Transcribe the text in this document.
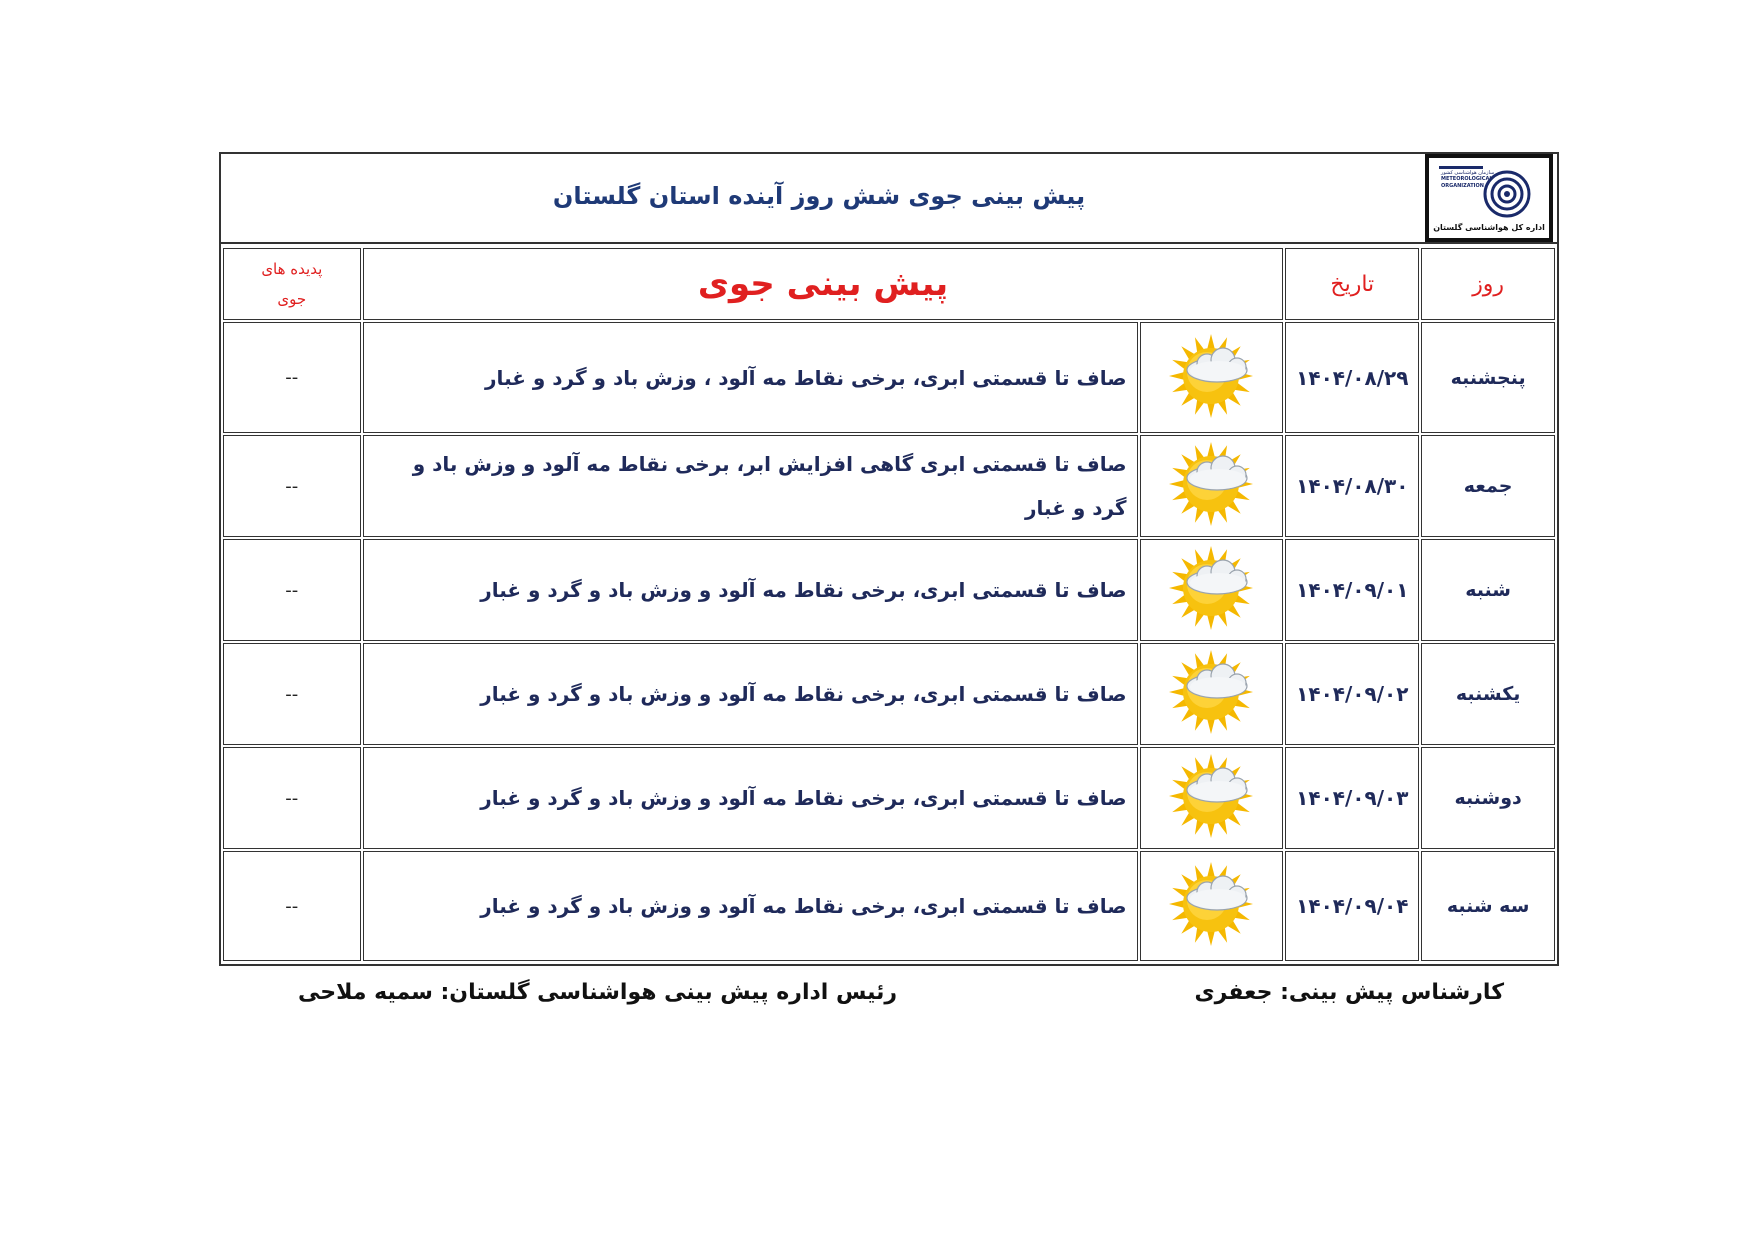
پیش بینی جوی شش روز آینده استان گلستان
METEOROLOGICAL
ORGANIZATION
سازمان هواشناسی کشور
اداره کل هواشناسی گلستان
روز	تاریخ	پیش بینی جوی		پدیده های
جوی

پنجشنبه	۱۴۰۴/۰۸/۲۹		صاف تا قسمتی ابری، برخی نقاط مه آلود ، وزش باد و گرد و غبار	--
جمعه	۱۴۰۴/۰۸/۳۰		صاف تا قسمتی ابری گاهی افزایش ابر، برخی نقاط مه آلود و وزش باد و گرد و غبار	--
شنبه	۱۴۰۴/۰۹/۰۱		صاف تا قسمتی ابری، برخی نقاط مه آلود و وزش باد و گرد و غبار	--
یکشنبه	۱۴۰۴/۰۹/۰۲		صاف تا قسمتی ابری، برخی نقاط مه آلود و وزش باد و گرد و غبار	--
دوشنبه	۱۴۰۴/۰۹/۰۳		صاف تا قسمتی ابری، برخی نقاط مه آلود و وزش باد و گرد و غبار	--
سه شنبه	۱۴۰۴/۰۹/۰۴		صاف تا قسمتی ابری، برخی نقاط مه آلود و وزش باد و گرد و غبار	--
کارشناس پیش بینی: جعفری
رئیس اداره پیش بینی هواشناسی گلستان: سمیه ملاحی
